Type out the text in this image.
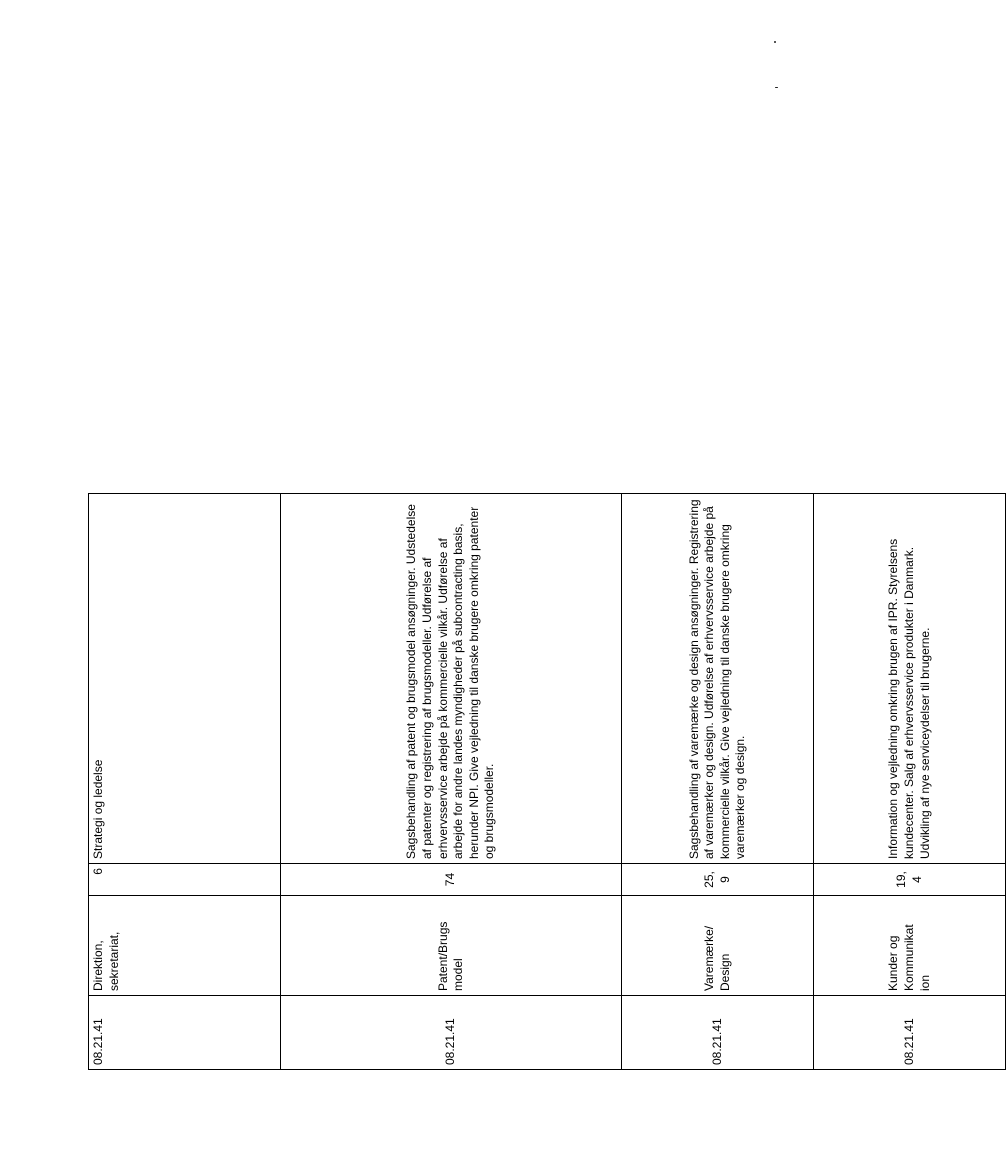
08.21.41	Direktion,
sekretariat,	6	Strategi og ledelse	
08.21.41	Patent/Brugs
model	74	Sagsbehandling af patent og brugsmodel ansøgninger. Udstedelse af patenter og registrering af brugsmodeller. Udførelse af erhvervsservice arbejde på kommercielle vilkår. Udførelse af arbejde for andre landes myndigheder på subcontracting basis, herunder NPI. Give vejledning til danske brugere omkring patenter og brugsmodeller.	
08.21.41	Varemærke/
Design	25,9	Sagsbehandling af varemærke og design ansøgninger. Registrering af varemærker og design. Udførelse af erhvervsservice arbejde på kommercielle vilkår. Give vejledning til danske brugere omkring varemærker og design.	
08.21.41	Kunder og
Kommunikat
ion	19,4	Information og vejledning omkring brugen af IPR. Styrelsens kundecenter. Salg af erhvervsservice produkter i Danmark. Udvikling af nye serviceydelser til brugerne.	
